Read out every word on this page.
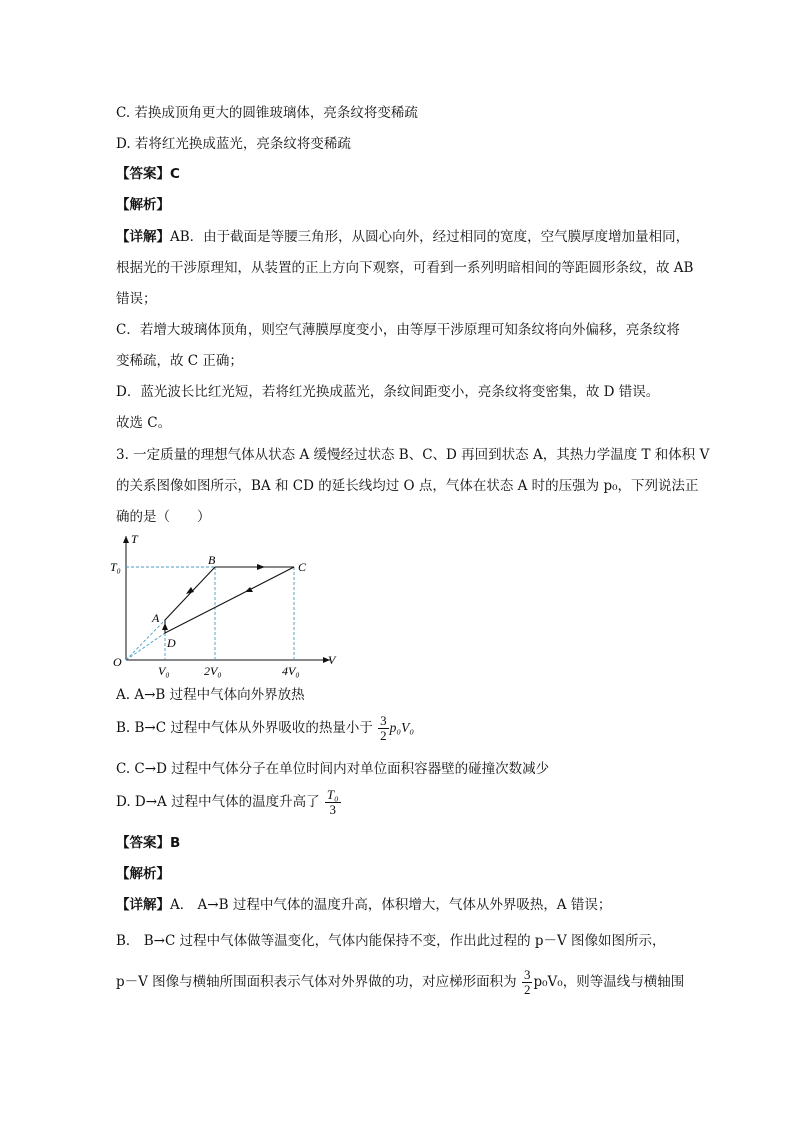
C. 若换成顶角更大的圆锥玻璃体，亮条纹将变稀疏
D. 若将红光换成蓝光，亮条纹将变稀疏
【答案】C
【解析】
【详解】AB．由于截面是等腰三角形，从圆心向外，经过相同的宽度，空气膜厚度增加量相同，
根据光的干涉原理知，从装置的正上方向下观察，可看到一系列明暗相间的等距圆形条纹，故 AB
错误；
C．若增大玻璃体顶角，则空气薄膜厚度变小，由等厚干涉原理可知条纹将向外偏移，亮条纹将
变稀疏，故 C 正确；
D．蓝光波长比红光短，若将红光换成蓝光，条纹间距变小，亮条纹将变密集，故 D 错误。
故选 C。
3. 一定质量的理想气体从状态 A 缓慢经过状态 B、C、D 再回到状态 A，其热力学温度 T 和体积 V
的关系图像如图所示，BA 和 CD 的延长线均过 O 点，气体在状态 A 时的压强为 p₀，下列说法正
确的是（　　）
T
V
O
A
B	C
D
T₀
V₀	2V₀	4V₀
A. A→B 过程中气体向外界放热
B. B→C 过程中气体从外界吸收的热量小于 $\frac{3}{2} p_0V_0$
C. C→D 过程中气体分子在单位时间内对单位面积容器壁的碰撞次数减少
D. D→A 过程中气体的温度升高了 $\frac{\text{T₀}}{3}$
【答案】B
【解析】
【详解】A． A→B 过程中气体的温度升高，体积增大，气体从外界吸热，A 错误；
B． B→C 过程中气体做等温变化，气体内能保持不变，作出此过程的 p－V 图像如图所示，
p－V 图像与横轴所围面积表示气体对外界做的功，对应梯形面积为 $\frac{3}{2} p_0V_0$，则等温线与横轴围
